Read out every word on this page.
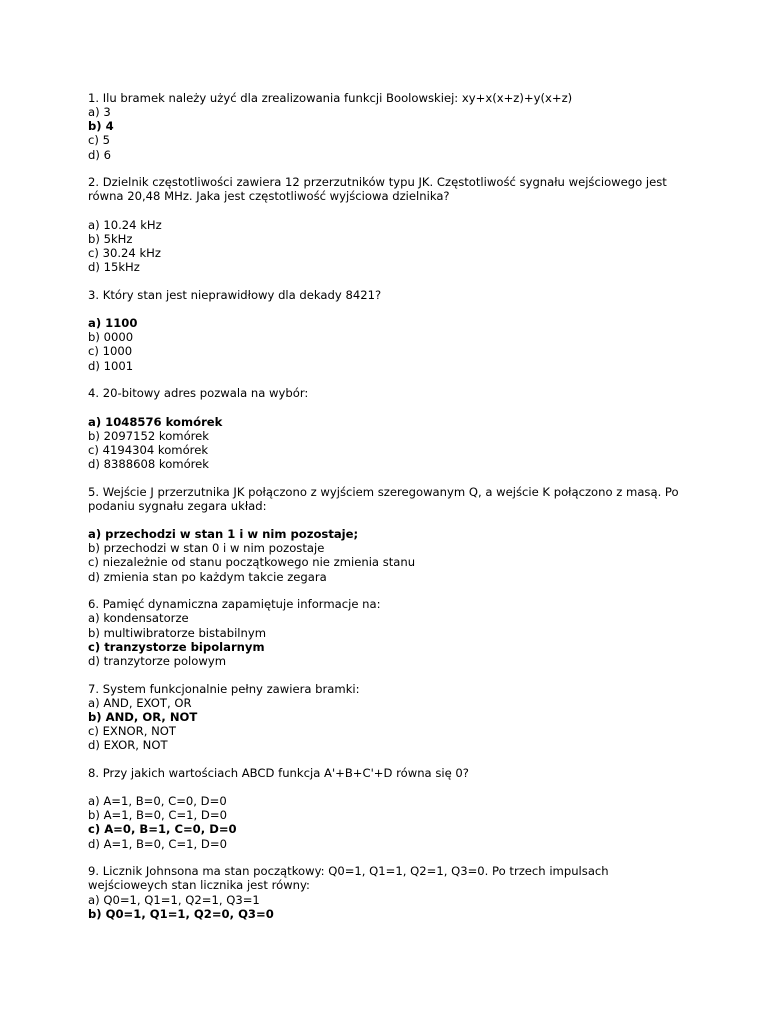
1. Ilu bramek należy użyć dla zrealizowania funkcji Boolowskiej: xy+x(x+z)+y(x+z)
a) 3
b) 4
c) 5
d) 6
2. Dzielnik częstotliwości zawiera 12 przerzutników typu JK. Częstotliwość sygnału wejściowego jest
równa 20,48 MHz. Jaka jest częstotliwość wyjściowa dzielnika?
a) 10.24 kHz
b) 5kHz
c) 30.24 kHz
d) 15kHz
3. Który stan jest nieprawidłowy dla dekady 8421?
a) 1100
b) 0000
c) 1000
d) 1001
4. 20-bitowy adres pozwala na wybór:
a) 1048576 komórek
b) 2097152 komórek
c) 4194304 komórek
d) 8388608 komórek
5. Wejście J przerzutnika JK połączono z wyjściem szeregowanym Q, a wejście K połączono z masą. Po
podaniu sygnału zegara układ:
a) przechodzi w stan 1 i w nim pozostaje;
b) przechodzi w stan 0 i w nim pozostaje
c) niezależnie od stanu początkowego nie zmienia stanu
d) zmienia stan po każdym takcie zegara
6. Pamięć dynamiczna zapamiętuje informacje na:
a) kondensatorze
b) multiwibratorze bistabilnym
c) tranzystorze bipolarnym
d) tranzytorze polowym
7. System funkcjonalnie pełny zawiera bramki:
a) AND, EXOT, OR
b) AND, OR, NOT
c) EXNOR, NOT
d) EXOR, NOT
8. Przy jakich wartościach ABCD funkcja A'+B+C'+D równa się 0?
a) A=1, B=0, C=0, D=0
b) A=1, B=0, C=1, D=0
c) A=0, B=1, C=0, D=0
d) A=1, B=0, C=1, D=0
9. Licznik Johnsona ma stan początkowy: Q0=1, Q1=1, Q2=1, Q3=0. Po trzech impulsach
wejścioweych stan licznika jest równy:
a) Q0=1, Q1=1, Q2=1, Q3=1
b) Q0=1, Q1=1, Q2=0, Q3=0
